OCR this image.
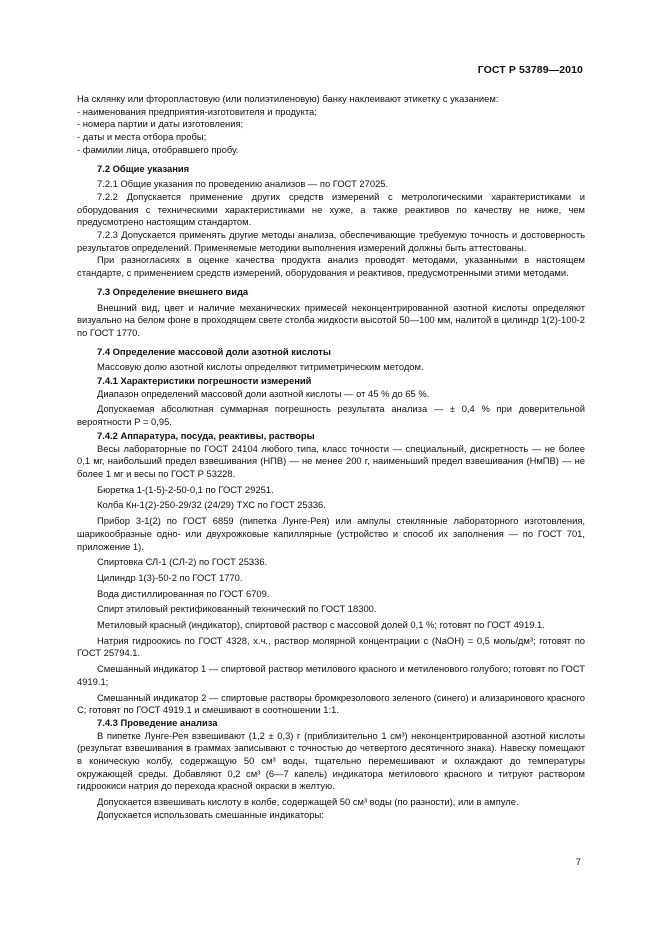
ГОСТ Р 53789—2010

На склянку или фторопластовую (или полиэтиленовую) банку наклеивают этикетку с указанием:

- наименования предприятия-изготовителя и продукта;

- номера партии и даты изготовления;

- даты и места отбора пробы;

- фамилии лица, отобравшего пробу.

7.2 Общие указания

7.2.1 Общие указания по проведению анализов — по ГОСТ 27025.

7.2.2 Допускается применение других средств измерений с метрологическими характеристиками и оборудования с техническими характеристиками не хуже, а также реактивов по качеству не ниже, чем предусмотрено настоящим стандартом.

7.2.3 Допускается применять другие методы анализа, обеспечивающие требуемую точность и достоверность результатов определений. Применяемые методики выполнения измерений должны быть аттестованы.

При разногласиях в оценке качества продукта анализ проводят методами, указанными в настоящем стандарте, с применением средств измерений, оборудования и реактивов, предусмотренными этими методами.

7.3 Определение внешнего вида

Внешний вид, цвет и наличие механических примесей неконцентрированной азотной кислоты определяют визуально на белом фоне в проходящем свете столба жидкости высотой 50—100 мм, налитой в цилиндр 1(2)-100-2 по ГОСТ 1770.

7.4 Определение массовой доли азотной кислоты

Массовую долю азотной кислоты определяют титриметрическим методом.

7.4.1 Характеристики погрешности измерений

Диапазон определений массовой доли азотной кислоты — от 45 % до 65 %.

Допускаемая абсолютная суммарная погрешность результата анализа — ± 0,4 % при доверительной вероятности Р = 0,95.

7.4.2 Аппаратура, посуда, реактивы, растворы

Весы лабораторные по ГОСТ 24104 любого типа, класс точности — специальный, дискретность — не более 0,1 мг, наибольший предел взвешивания (НПВ) — не менее 200 г, наименьший предел взвешивания (НмПВ) — не более 1 мг и весы по ГОСТ Р 53228.

Бюретка 1-(1-5)-2-50-0,1 по ГОСТ 29251.

Колба Кн-1(2)-250-29/32 (24/29) ТХС по ГОСТ 25336.

Прибор 3-1(2) по ГОСТ 6859 (пипетка Лунге-Рея) или ампулы стеклянные лабораторного изготовления, шарикообразные одно- или двухрожковые капиллярные (устройство и способ их заполнения — по ГОСТ 701, приложение 1).

Спиртовка СЛ-1 (СЛ-2) по ГОСТ 25336.

Цилиндр 1(3)-50-2 по ГОСТ 1770.

Вода дистиллированная по ГОСТ 6709.

Спирт этиловый ректификованный технический по ГОСТ 18300.

Метиловый красный (индикатор), спиртовой раствор с массовой долей 0,1 %; готовят по ГОСТ 4919.1.

Натрия гидроокись по ГОСТ 4328, х.ч., раствор молярной концентрации с (NaOH) = 0,5 моль/дм³; готовят по ГОСТ 25794.1.

Смешанный индикатор 1 — спиртовой раствор метилового красного и метиленового голубого; готовят по ГОСТ 4919.1;

Смешанный индикатор 2 — спиртовые растворы бромкрезолового зеленого (синего) и ализаринового красного С; готовят по ГОСТ 4919.1 и смешивают в соотношении 1:1.

7.4.3 Проведение анализа

В пипетке Лунге-Рея взвешивают (1,2 ± 0,3) г (приблизительно 1 см³) неконцентрированной азотной кислоты (результат взвешивания в граммах записывают с точностью до четвертого десятичного знака). Навеску помещают в коническую колбу, содержащую 50 см³ воды, тщательно перемешивают и охлаждают до температуры окружающей среды. Добавляют 0,2 см³ (6—7 капель) индикатора метилового красного и титруют раствором гидроокиси натрия до перехода красной окраски в желтую.

Допускается взвешивать кислоту в колбе, содержащей 50 см³ воды (по разности), или в ампуле.

Допускается использовать смешанные индикаторы:

7
